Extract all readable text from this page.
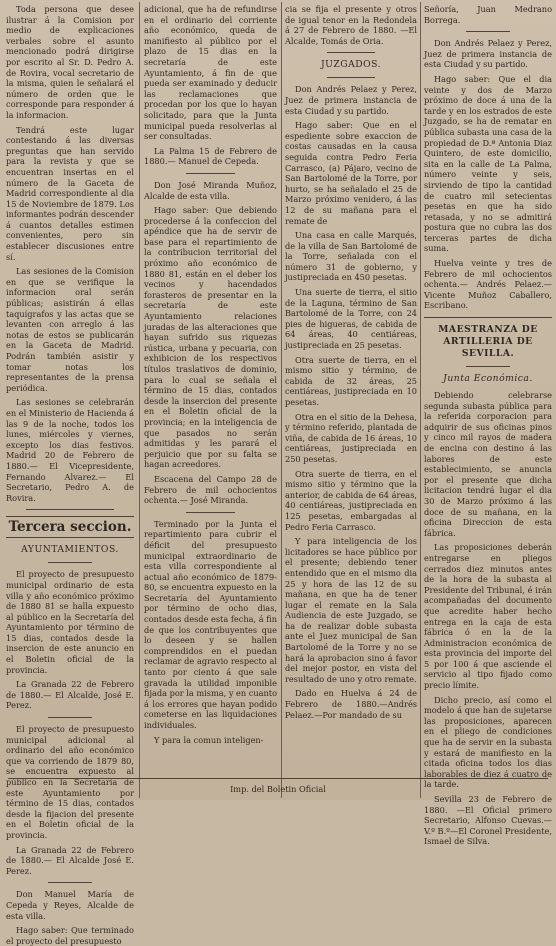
Toda persona que desee ilustrar á la Comision por medio de explicaciones verbales sobre el asunto mencionado podrá dirigirse por escrito al Sr. D. Pedro A. de Rovira, vocal secretario de la misma, quien le señalará el número de orden que le corresponde para responder á la informacion.

Tendrá este lugar contestando á las diversas preguntas que han servido para la revista y que se encuentran insertas en el número de la Gaceta de Madrid correspondiente al dia 15 de Noviembre de 1879. Los informantes podrán descender á cuantos detalles estimen convenientes, pero sin establecer discusiones entre sí.

Las sesiones de la Comision en que se verifique la informacion oral serán públicas; asistirán á ellas taquígrafos y las actas que se levanten con arreglo á las notas de estos se publicarán en la Gaceta de Madrid. Podrán también asistir y tomar notas los representantes de la prensa periódica.

Las sesiones se celebrarán en el Ministerio de Hacienda á las 9 de la noche, todos los lunes, miércoles y viernes, excepto los dias festivos. Madrid 20 de Febrero de 1880.— El Vicepresidente, Fernando Alvarez.— El Secretario, Pedro A. de Rovira.

Tercera seccion.
AYUNTAMIENTOS.

El proyecto de presupuesto municipal ordinario de esta villa y año económico próximo de 1880 81 se halla expuesto al público en la Secretaría del Ayuntamiento por término de 15 dias, contados desde la insercion de este anuncio en el Boletin oficial de la provincia.

La Granada 22 de Febrero de 1880.— El Alcalde, José E. Perez.

El proyecto de presupuesto municipal adicional al ordinario del año económico que va corriendo de 1879 80, se encuentra expuesto al público en la Secretaría de este Ayuntamiento por término de 15 dias, contados desde la fijacion del presente en el Boletin oficial de la provincia.

La Granada 22 de Febrero de 1880.— El Alcalde José E. Perez.

Don Manuel María de Cepeda y Reyes, Alcalde de esta villa.

Hago saber: Que terminado el proyecto del presupuesto

adicional, que ha de refundirse en el ordinario del corriente año económico, queda de manifiesto al público por el plazo de 15 dias en la secretaría de este Ayuntamiento, á fin de que pueda ser examinado y deducir las reclamaciones que procedan por los que lo hayan solicitado, para que la Junta municipal pueda resolverlas al ser consultadas.

La Palma 15 de Febrero de 1880.— Manuel de Cepeda.

Don José Miranda Muñoz, Alcalde de esta villa.

Hago saber: Que debiendo procederse á la confeccion del apéndice que ha de servir de base para el repartimiento de la contribucion territorial del próximo año económico de 1880 81, están en el deber los vecinos y hacendados forasteros de presentar en la secretaría de este Ayuntamiento relaciones juradas de las alteraciones que hayan sufrido sus riquezas rústica, urbana y pecuaria, con exhibicion de los respectivos títulos traslativos de dominio, para lo cual se señala el término de 15 dias, contados desde la insercion del presente en el Boletin oficial de la provincia; en la inteligencia de que pasados no serán admitidas y les parará el perjuicio que por su falta se hagan acreedores.

Escacena del Campo 28 de Febrero de mil ochocientos ochenta.— José Miranda.

Terminado por la Junta el repartimiento para cubrir el déficit del presupuesto municipal extraordinario de esta villa correspondiente al actual año económico de 1879-80, se encuentra expuesto en la Secretaría del Ayuntamiento por término de ocho dias, contados desde esta fecha, á fin de que los contribuyentes que lo deseen y se hallen comprendidos en el puedan reclamar de agravio respecto al tanto por ciento á que sale gravada la utilidad imponible fijada por la misma, y en cuanto á los errores que hayan podido cometerse en las liquidaciones individuales.

Y para la comun inteligen-

cia se fija el presente y otros de igual tenor en la Redondela á 27 de Febrero de 1880. —El Alcalde, Tomás de Oria.

JUZGADOS.

Don Andrés Pelaez y Perez, Juez de primera instancia de esta Ciudad y su partido.

Hago saber: Que en el espediente sobre exaccion de costas causadas en la causa seguida contra Pedro Feria Carrasco, (a) Pájaro, vecino de San Bartolomé de la Torre, por hurto, se ha señalado el 25 de Marzo próximo venidero, á las 12 de su mañana para el remate de

Una casa en calle Marqués, de la villa de San Bartolomé de la Torre, señalada con el número 31 de gobierno, y justipreciada en 450 pesetas.

Una suerte de tierra, el sitio de la Laguna, término de San Bartolomé de la Torre, con 24 pies de higueras, de cabida de 64 áreas, 40 centiáreas, justipreciada en 25 pesetas.

Otra suerte de tierra, en el mismo sitio y término, de cabida de 32 áreas, 25 centiáreas, justipreciada en 10 pesetas.

Otra en el sitio de la Dehesa, y término referido, plantada de viña, de cabida de 16 áreas, 10 centiáreas, justipreciada en 250 pesetas.

Otra suerte de tierra, en el mismo sitio y término que la anterior, de cabida de 64 áreas, 40 centiáreas, justipreciada en 125 pesetas, embargadas al Pedro Feria Carrasco.

Y para inteligencia de los licitadores se hace público por el presente; debiendo tener entendido que en el mismo dia 25 y hora de las 12 de su mañana, en que ha de tener lugar el remate en la Sala Audiencia de este Juzgado, se ha de realizar doble subasta ante el Juez municipal de San Bartolomé de la Torre y no se hará la aprobacion sino á favor del mejor postor, en vista del resultado de uno y otro remate.

Dado en Huelva á 24 de Febrero de 1880.—Andrés Pelaez.—Por mandado de su

Señoría, Juan Medrano Borrega.

Don Andrés Pelaez y Perez, Juez de primera instancia de esta Ciudad y su partido.

Hago saber: Que el dia veinte y dos de Marzo próximo de doce á una de la tarde y en los estrados de este Juzgado, se ha de rematar en pública subasta una casa de la propiedad de D.ª Antonia Diaz Quintero, de este domicilio, sita en la calle de La Palma, número veinte y seis, sirviendo de tipo la cantidad de cuatro mil setecientas pesetas en que ha sido retasada, y no se admitirá postura que no cubra las dos terceras partes de dicha suma.

Huelva veinte y tres de Febrero de mil ochocientos ochenta.— Andrés Pelaez.— Vicente Muñoz Caballero, Escribano.

MAESTRANZA DE ARTILLERIA DE SEVILLA.
Junta Económica.

Debiendo celebrarse segunda subasta pública para la referida corporacion para adquirir de sus oficinas pinos y cinco mil rayos de madera de encina con destino á las labores de este establecimiento, se anuncia por el presente que dicha licitacion tendrá lugar el dia 30 de Marzo próximo á las doce de su mañana, en la oficina Direccion de esta fábrica.

Las proposiciones deberán entregarse en pliegos cerrados diez minutos antes de la hora de la subasta al Presidente del Tribunal, é irán acompañadas del documento que acredite haber hecho entrega en la caja de esta fábrica ó en la de la Administracion económica de esta provincia del importe del 5 por 100 á que asciende el servicio al tipo fijado como precio límite.

Dicho precio, así como el modelo á que han de sujetarse las proposiciones, aparecen en el pliego de condiciones que ha de servir en la subasta y estará de manifiesto en la citada oficina todos los dias laborables de diez á cuatro de la tarde.

Sevilla 23 de Febrero de 1880. —El Oficial primero Secretario, Alfonso Cuevas.— V.º B.º—El Coronel Presidente, Ismael de Silva.

Imp. del Boletin Oficial
